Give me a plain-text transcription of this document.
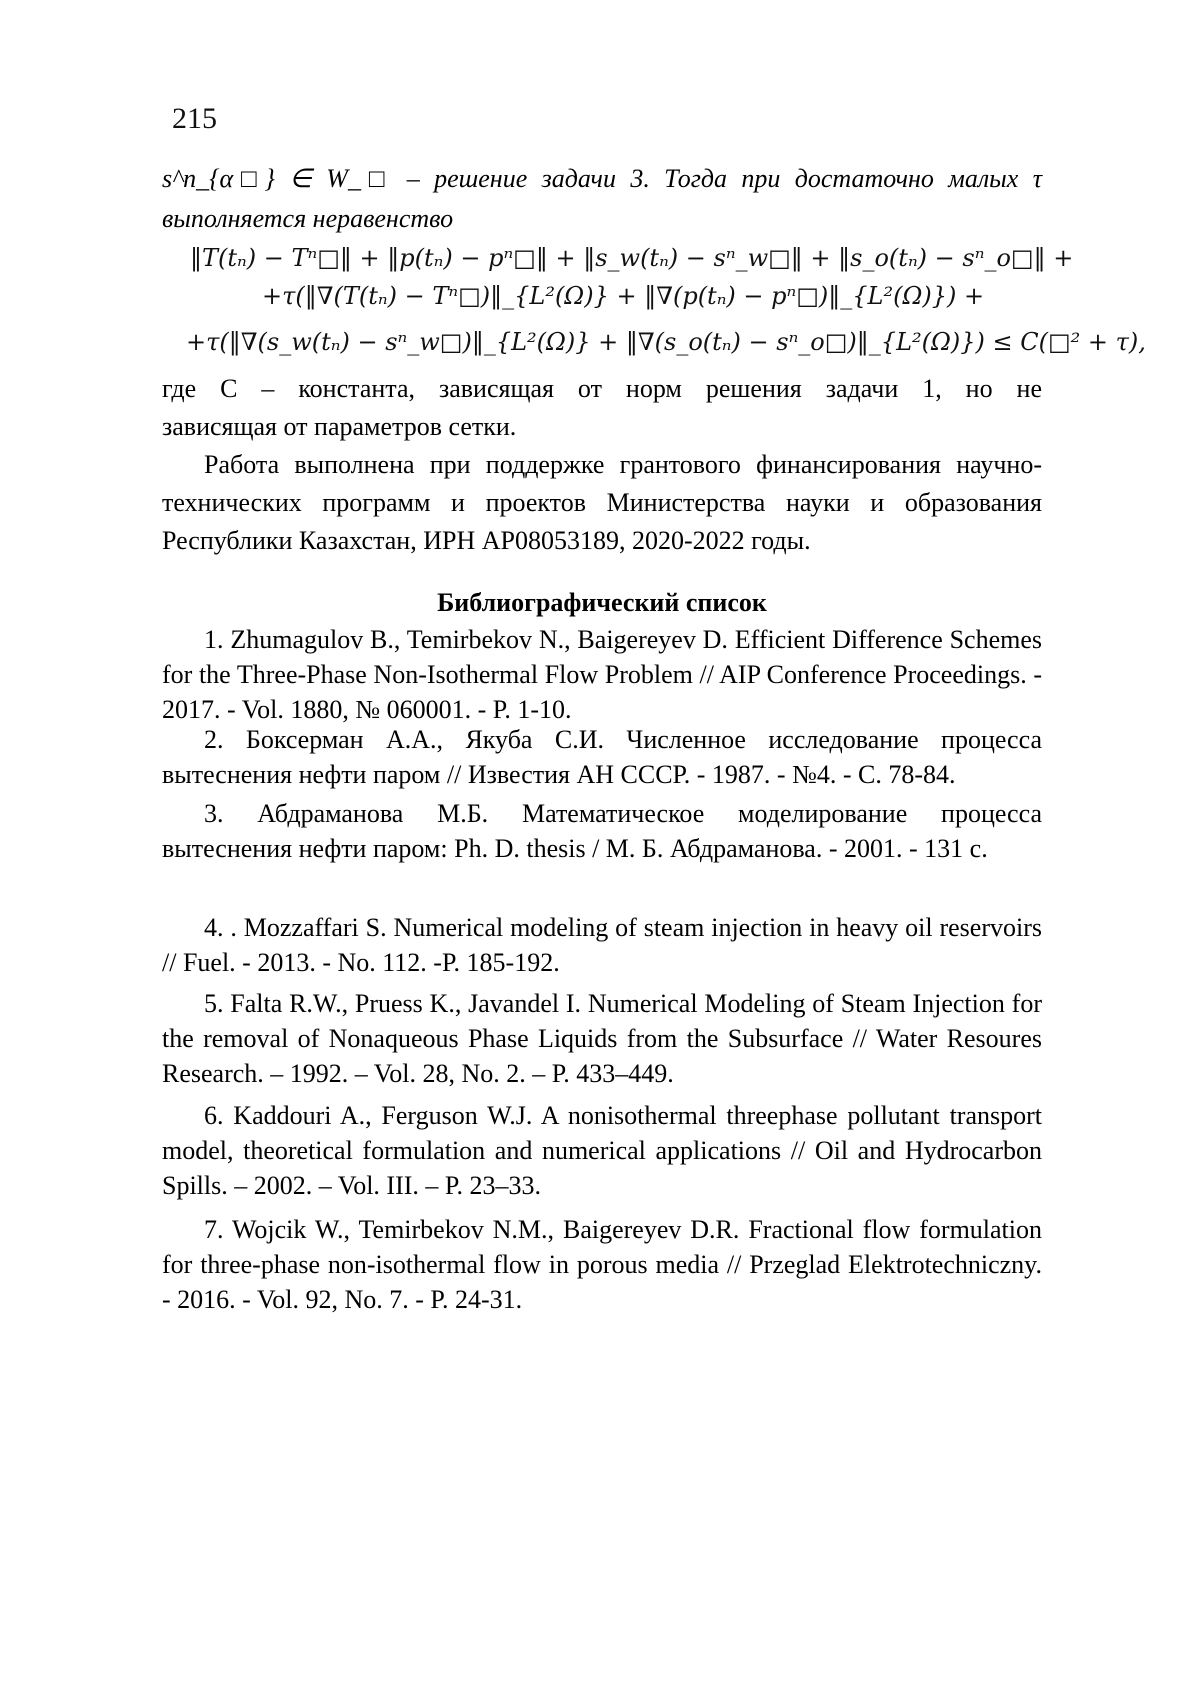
215
s^n_{α□} ∈ W_□ – решение задачи 3. Тогда при достаточно малых τ
выполняется неравенство
‖T(tₙ) − Tⁿ□‖ + ‖p(tₙ) − pⁿ□‖ + ‖s_w(tₙ) − sⁿ_w□‖ + ‖s_o(tₙ) − sⁿ_o□‖ +
+τ(‖∇(T(tₙ) − Tⁿ□)‖_{L²(Ω)} + ‖∇(p(tₙ) − pⁿ□)‖_{L²(Ω)}) +
+τ(‖∇(s_w(tₙ) − sⁿ_w□)‖_{L²(Ω)} + ‖∇(s_o(tₙ) − sⁿ_o□)‖_{L²(Ω)}) ≤ C(□² + τ),
где C – константа, зависящая от норм решения задачи 1, но не
зависящая от параметров сетки.
Работа выполнена при поддержке грантового финансирования научно-технических программ и проектов Министерства науки и образования Республики Казахстан, ИРН AP08053189, 2020-2022 годы.
Библиографический список
1. Zhumagulov B., Temirbekov N., Baigereyev D. Efficient Difference Schemes for the Three-Phase Non-Isothermal Flow Problem // AIP Conference Proceedings. - 2017. - Vol. 1880, № 060001. - P. 1-10.
2. Боксерман А.А., Якуба С.И. Численное исследование процесса вытеснения нефти паром // Известия АН СССР. - 1987. - №4. - С. 78-84.
3. Абдраманова М.Б. Математическое моделирование процесса вытеснения нефти паром: Ph. D. thesis / М. Б. Абдраманова. - 2001. - 131 с.
4. . Mozzaffari S. Numerical modeling of steam injection in heavy oil reservoirs // Fuel. - 2013. - No. 112. -P. 185-192.
5. Falta R.W., Pruess K., Javandel I. Numerical Modeling of Steam Injection for the removal of Nonaqueous Phase Liquids from the Subsurface // Water Resoures Research. – 1992. – Vol. 28, No. 2. – P. 433–449.
6. Kaddouri A., Ferguson W.J. A nonisothermal threephase pollutant transport model, theoretical formulation and numerical applications // Oil and Hydrocarbon Spills. – 2002. – Vol. III. – P. 23–33.
7. Wojcik W., Temirbekov N.M., Baigereyev D.R. Fractional flow formulation for three-phase non-isothermal flow in porous media // Przeglad Elektrotechniczny. - 2016. - Vol. 92, No. 7. - P. 24-31.
